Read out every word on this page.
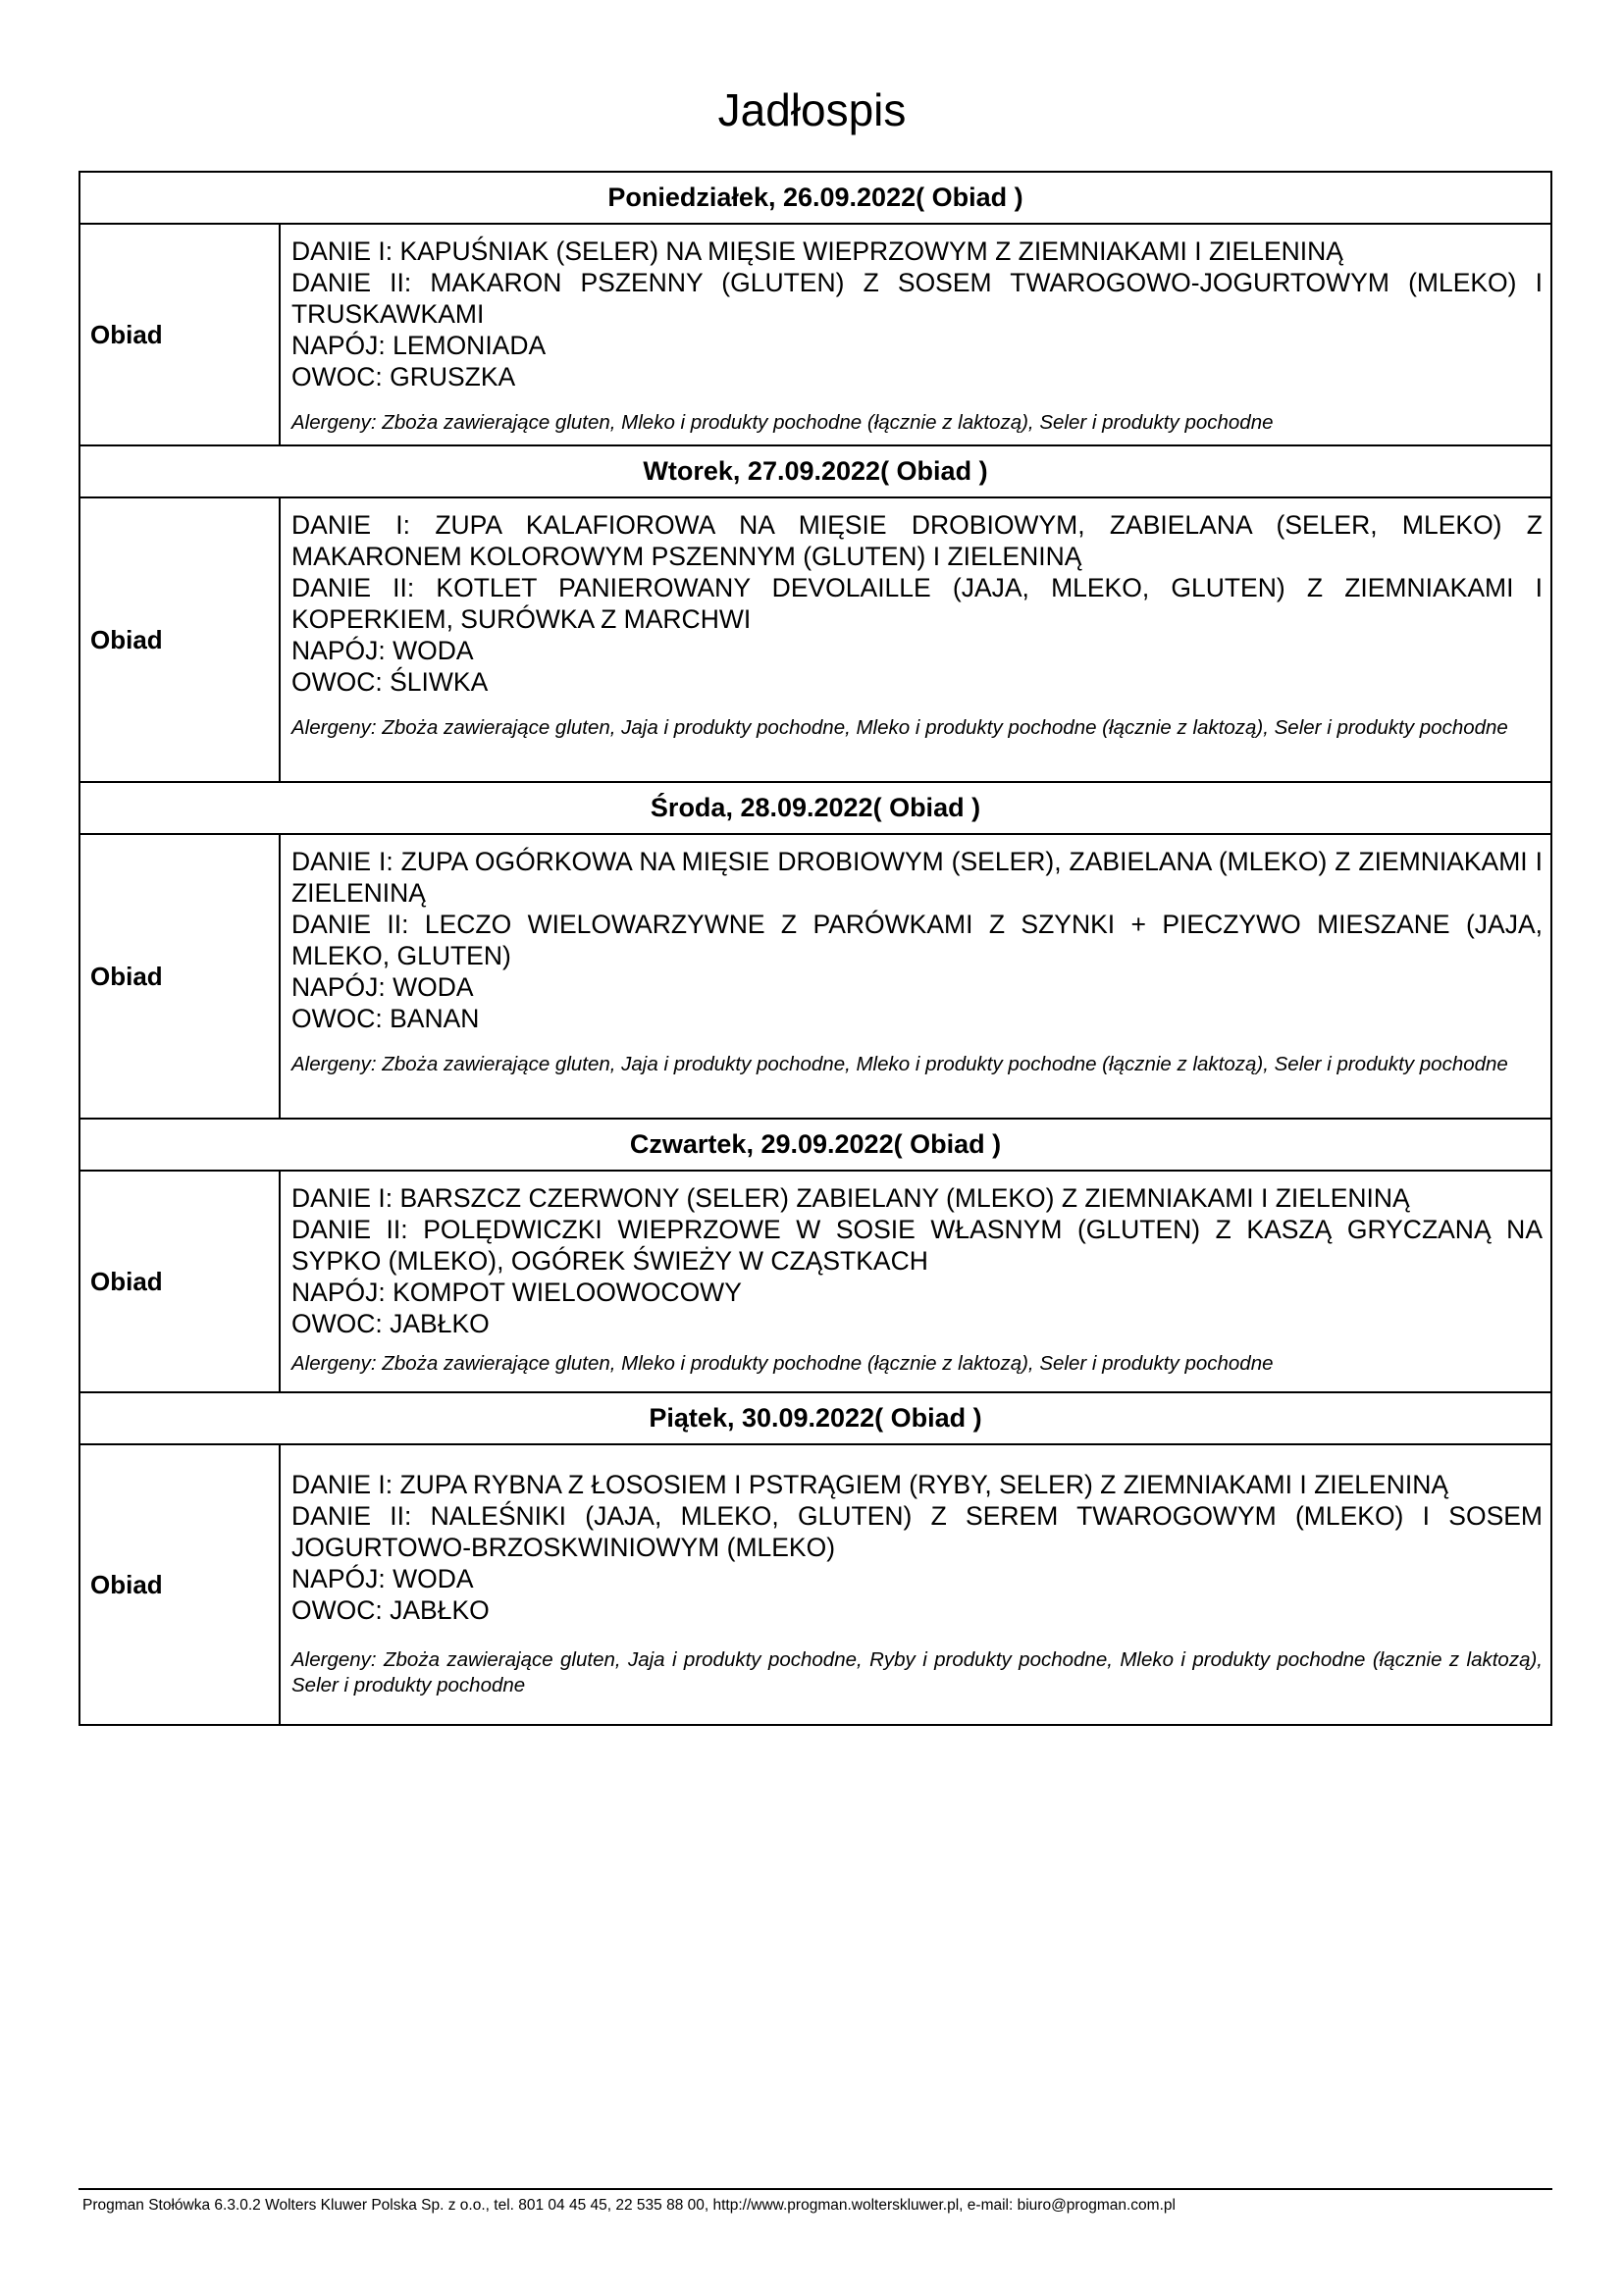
Jadłospis
Poniedziałek, 26.09.2022( Obiad )	
Obiad	DANIE I: KAPUŚNIAK (SELER) NA MIĘSIE WIEPRZOWYM Z ZIEMNIAKAMI I ZIELENINĄ
DANIE II: MAKARON PSZENNY (GLUTEN) Z SOSEM TWAROGOWO-JOGURTOWYM (MLEKO) I TRUSKAWKAMI
NAPÓJ: LEMONIADA
OWOC: GRUSZKA
Alergeny: Zboża zawierające gluten, Mleko i produkty pochodne (łącznie z laktozą), Seler i produkty pochodne

Wtorek, 27.09.2022( Obiad )	
Obiad	DANIE I: ZUPA KALAFIOROWA NA MIĘSIE DROBIOWYM, ZABIELANA (SELER, MLEKO) Z MAKARONEM KOLOROWYM PSZENNYM (GLUTEN) I ZIELENINĄ
DANIE II: KOTLET PANIEROWANY DEVOLAILLE (JAJA, MLEKO, GLUTEN) Z ZIEMNIAKAMI I KOPERKIEM, SURÓWKA Z MARCHWI
NAPÓJ: WODA
OWOC: ŚLIWKA
Alergeny: Zboża zawierające gluten, Jaja i produkty pochodne, Mleko i produkty pochodne (łącznie z laktozą), Seler i produkty pochodne

Środa, 28.09.2022( Obiad )	
Obiad	DANIE I: ZUPA OGÓRKOWA NA MIĘSIE DROBIOWYM (SELER), ZABIELANA (MLEKO) Z ZIEMNIAKAMI I ZIELENINĄ
DANIE II: LECZO WIELOWARZYWNE Z PARÓWKAMI Z SZYNKI + PIECZYWO MIESZANE (JAJA, MLEKO, GLUTEN)
NAPÓJ: WODA
OWOC: BANAN
Alergeny: Zboża zawierające gluten, Jaja i produkty pochodne, Mleko i produkty pochodne (łącznie z laktozą), Seler i produkty pochodne

Czwartek, 29.09.2022( Obiad )	
Obiad	DANIE I: BARSZCZ CZERWONY (SELER) ZABIELANY (MLEKO) Z ZIEMNIAKAMI I ZIELENINĄ
DANIE II: POLĘDWICZKI WIEPRZOWE W SOSIE WŁASNYM (GLUTEN) Z KASZĄ GRYCZANĄ NA SYPKO (MLEKO), OGÓREK ŚWIEŻY W CZĄSTKACH
NAPÓJ: KOMPOT WIELOOWOCOWY
OWOC: JABŁKO
Alergeny: Zboża zawierające gluten, Mleko i produkty pochodne (łącznie z laktozą), Seler i produkty pochodne

Piątek, 30.09.2022( Obiad )	
Obiad	DANIE I: ZUPA RYBNA Z ŁOSOSIEM I PSTRĄGIEM (RYBY, SELER) Z ZIEMNIAKAMI I ZIELENINĄ
DANIE II: NALEŚNIKI (JAJA, MLEKO, GLUTEN) Z SEREM TWAROGOWYM (MLEKO) I SOSEM JOGURTOWO-BRZOSKWINIOWYM (MLEKO)
NAPÓJ: WODA
OWOC: JABŁKO
Alergeny: Zboża zawierające gluten, Jaja i produkty pochodne, Ryby i produkty pochodne, Mleko i produkty pochodne (łącznie z laktozą), Seler i produkty pochodne
Progman Stołówka 6.3.0.2 Wolters Kluwer Polska Sp. z o.o., tel. 801 04 45 45, 22 535 88 00, http://www.progman.wolterskluwer.pl, e-mail: biuro@progman.com.pl
